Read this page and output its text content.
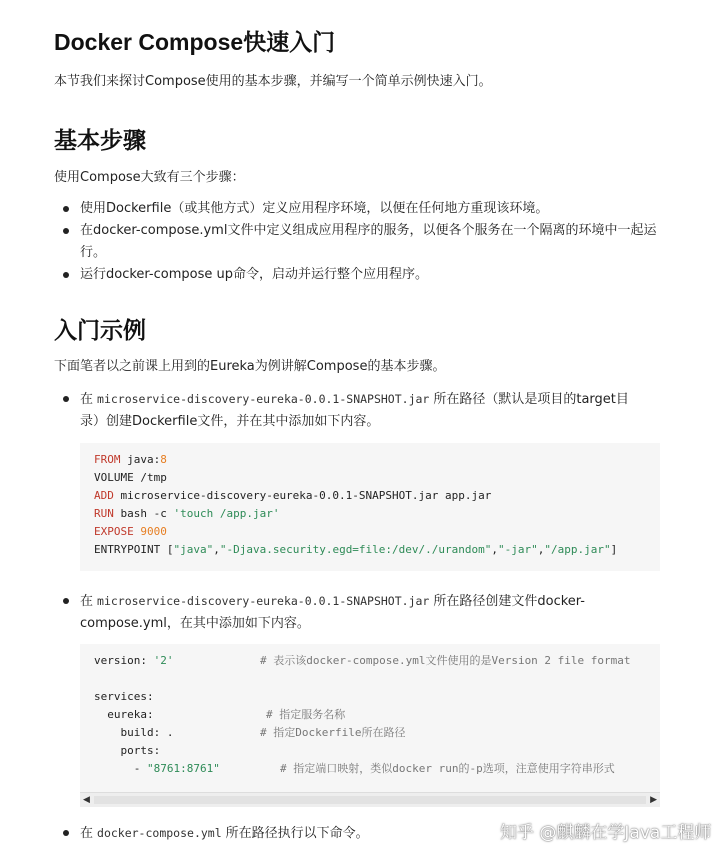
Docker Compose快速入门

本节我们来探讨Compose使用的基本步骤，并编写一个简单示例快速入门。

基本步骤

使用Compose大致有三个步骤：

使用Dockerfile（或其他方式）定义应用程序环境，以便在任何地方重现该环境。
在docker-compose.yml文件中定义组成应用程序的服务，以便各个服务在一个隔离的环境中一起运行。
运行docker-compose up命令，启动并运行整个应用程序。
入门示例

下面笔者以之前课上用到的Eureka为例讲解Compose的基本步骤。

在 microservice-discovery-eureka-0.0.1-SNAPSHOT.jar 所在路径（默认是项目的target目
录）创建Dockerfile文件，并在其中添加如下内容。
FROM java:8
VOLUME /tmp
ADD microservice-discovery-eureka-0.0.1-SNAPSHOT.jar app.jar
RUN bash -c 'touch /app.jar'
EXPOSE 9000
ENTRYPOINT ["java","-Djava.security.egd=file:/dev/./urandom","-jar","/app.jar"]
在 microservice-discovery-eureka-0.0.1-SNAPSHOT.jar 所在路径创建文件docker-
compose.yml，在其中添加如下内容。
version: '2'	# 表示该docker-compose.yml文件使用的是Version 2 file format
services:
eureka:	# 指定服务名称
build: .	# 指定Dockerfile所在路径
ports:
- "8761:8761"	# 指定端口映射，类似docker run的-p选项，注意使用字符串形式
◀	▶
在 docker-compose.yml 所在路径执行以下命令。	知乎 @麒麟在学Java工程师
